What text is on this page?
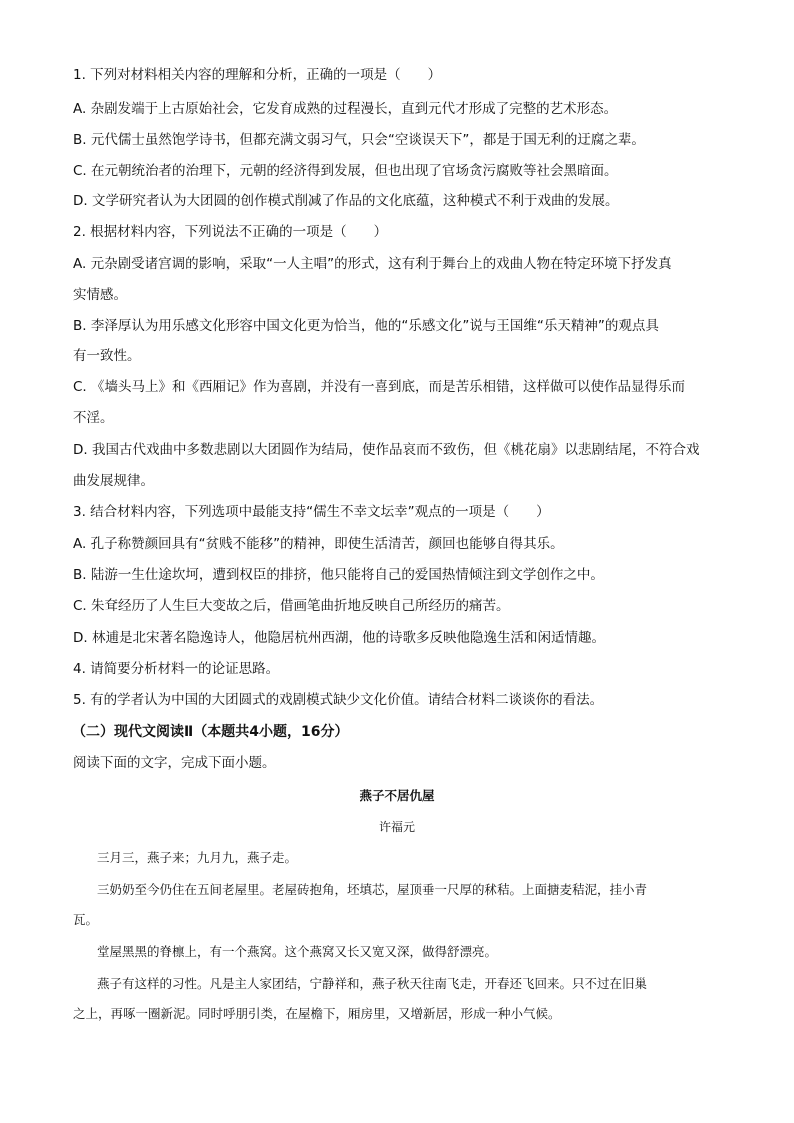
1. 下列对材料相关内容的理解和分析，正确的一项是（　　）
A. 杂剧发端于上古原始社会，它发育成熟的过程漫长，直到元代才形成了完整的艺术形态。
B. 元代儒士虽然饱学诗书，但都充满文弱习气，只会“空谈误天下”，都是于国无利的迂腐之辈。
C. 在元朝统治者的治理下，元朝的经济得到发展，但也出现了官场贪污腐败等社会黑暗面。
D. 文学研究者认为大团圆的创作模式削减了作品的文化底蕴，这种模式不利于戏曲的发展。
2. 根据材料内容，下列说法不正确的一项是（　　）
A. 元杂剧受诸宫调的影响，采取“一人主唱”的形式，这有利于舞台上的戏曲人物在特定环境下抒发真
实情感。
B. 李泽厚认为用乐感文化形容中国文化更为恰当，他的“乐感文化”说与王国维“乐天精神”的观点具
有一致性。
C. 《墙头马上》和《西厢记》作为喜剧，并没有一喜到底，而是苦乐相错，这样做可以使作品显得乐而
不淫。
D. 我国古代戏曲中多数悲剧以大团圆作为结局，使作品哀而不致伤，但《桃花扇》以悲剧结尾，不符合戏
曲发展规律。
3. 结合材料内容，下列选项中最能支持“儒生不幸文坛幸”观点的一项是（　　）
A. 孔子称赞颜回具有“贫贱不能移”的精神，即使生活清苦，颜回也能够自得其乐。
B. 陆游一生仕途坎坷，遭到权臣的排挤，他只能将自己的爱国热情倾注到文学创作之中。
C. 朱耷经历了人生巨大变故之后，借画笔曲折地反映自己所经历的痛苦。
D. 林逋是北宋著名隐逸诗人，他隐居杭州西湖，他的诗歌多反映他隐逸生活和闲适情趣。
4. 请简要分析材料一的论证思路。
5. 有的学者认为中国的大团圆式的戏剧模式缺少文化价值。请结合材料二谈谈你的看法。
（二）现代文阅读Ⅱ（本题共4小题，16分）
阅读下面的文字，完成下面小题。
燕子不居仇屋
许福元
三月三，燕子来；九月九，燕子走。
三奶奶至今仍住在五间老屋里。老屋砖抱角，坯填芯，屋顶垂一尺厚的秫秸。上面搪麦秸泥，挂小青
瓦。
堂屋黑黑的脊檩上，有一个燕窝。这个燕窝又长又宽又深，做得舒漂亮。
燕子有这样的习性。凡是主人家团结，宁静祥和，燕子秋天往南飞走，开春还飞回来。只不过在旧巢
之上，再啄一圈新泥。同时呼朋引类，在屋檐下，厢房里，又增新居，形成一种小气候。
